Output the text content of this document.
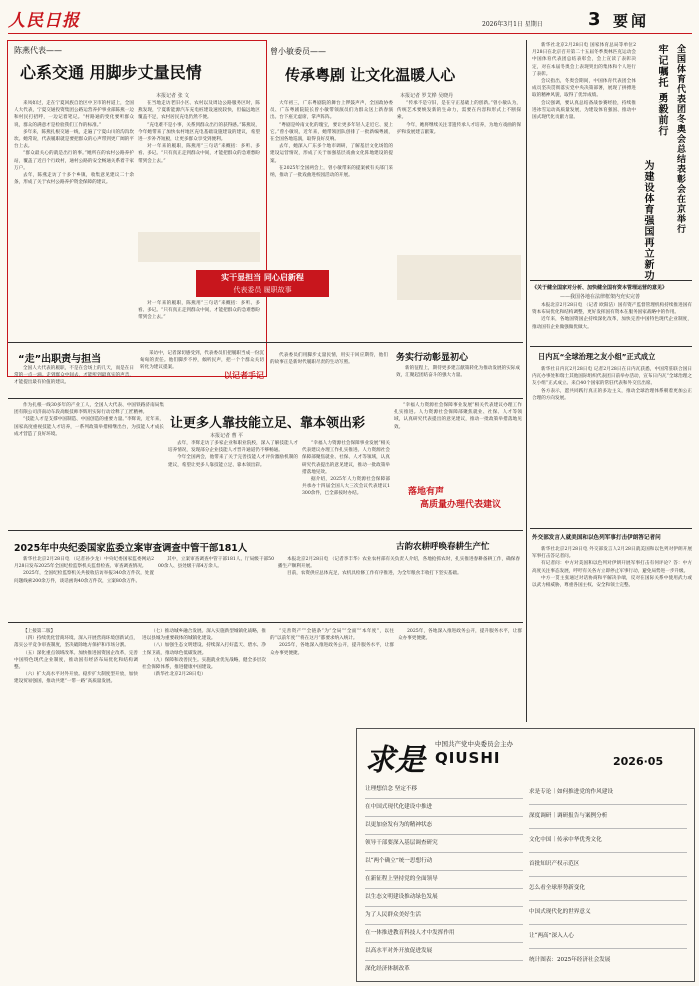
人民日报	2026年3月1日 星期日	3 要闻
陈燕代表——
心系交通 用脚步丈量民情
本报记者 张 文

来凤如过，走在宁夏回族自治区中卫市的村道上，全国人大代表，宁夏交通投资集团公路运营养护事业部陈燕一边和村民打招呼，一边记着笔记。“村路通的变化要听群众说，群众的满意才是检验我们工作的标准。”

多年来，陈燕扎根交通一线，走遍了宁夏山川的沟沟坎坎。她常说，代表履职就是要把群众的心声带到更广阔的平台上去。

“群众最关心的就是出行的事。”她所在的农村公路养护站，覆盖了近百个行政村，通村公路的安全畅通关系着千家万户。

去年，陈燕走访了十多个乡镇，收集意见建议二十余条，形成了关于农村公路养护资金保障的建议。

在当地走访老旧小区、农村以及周边公路服务区时，陈燕发现，宁夏新能源汽车充电桩建设速度较快，但偏远地区覆盖不足，农村居民充电仍然不便。

“充电难不是小事，关系到群众出行的获得感。”陈燕说，今年她带来了加快农村地区充电基础设施建设的建议，希望进一步补齐短板，让更多群众享受到便利。

对一年来的履职，陈燕用“三句话”来概括：多听、多看、多记。“只有真正走到群众中间，才能把群众的急难愁盼带到会上去。”

对一年来的履职，陈燕用“三句话”来概括：多听、多看、多记。“只有真正走到群众中间，才能把群众的急难愁盼带到会上去。”

实干显担当 同心启新程
代表委员 履职故事
曾小敏委员——
传承粤剧 让文化温暖人心
本报记者 罗艾桦 吴晓丹

大年初三，广东粤剧院的舞台上锣鼓声声，全国政协委员、广东粤剧院院长曾小敏带领演员们为群众送上新春演出。台下座无虚席，掌声阵阵。

“粤剧是岭南文化的瑰宝，要让更多年轻人走近它、爱上它。”曾小敏说，近年来，她带领团队创排了一批新编粤剧，在全国各地巡演，取得良好反响。

去年，她深入广东多个地市调研，了解基层文化场馆的建设运营情况，形成了关于加强基层戏曲文化阵地建设的提案。

在2025年全国两会上，曾小敏带来的提案被有关部门采纳，推动了一批戏曲进校园活动的开展。

“传承不是守旧，是在守正基础上的创新。”曾小敏认为，传统艺术要焕发新的生命力，需要在内容和形式上不断探索。

今年，她将继续关注非遗传承人才培养，为地方戏曲的保护和发展建言献策。

“走”出职责与担当

全国人大代表的履职，不是在会场上的几天，而是在日常的一点一滴。走到群众中间去，才能听到最真实的声音，才能提出最有价值的建议。

以记者手记

采访中，记者深切感受到，代表委员们把履职当成一份沉甸甸的责任。他们脚步不停，倾听民声，把一个个群众关切转化为建议提案。

代表委员们用脚步丈量民情，用实干回应期待，他们的故事正是新时代履职尽责的生动写照。	务实行动彰显初心

新的征程上，期待更多建言献策转化为推动发展的实际成效，汇聚起团结奋斗的强大力量。

让更多人靠技能立足、靠本领出彩
本报记者 曹 平

作为扎根一线30多年的产业工人，全国人大代表、中国铁路济南局集团有限公司济南动车段高级技师李辉用实际行动诠释了工匠精神。

“技能人才是支撑中国制造、中国创造的重要力量。”李辉说，近年来，国家高度重视技能人才培养，一系列政策举措相继出台，为技能人才成长成才营造了良好环境。

去年，李辉走访了多家企业和职业院校，深入了解技能人才培养情况，发现部分企业技能人才晋升通道仍不够畅通。

今年全国两会，他带来了关于完善技能人才评价激励机制的建议，希望让更多人靠技能立足、靠本领出彩。

“幸福人力资源社会保障事业发展”相关代表建议办理工作扎实推进。人力资源社会保障部聚焦就业、社保、人才等领域，认真研究代表提出的意见建议，推动一批政策举措落地见效。

据介绍，2025年人力资源社会保障部共承办十四届全国人大三次会议代表建议1300余件，已全部按时办结。

“幸福人力资源社会保障事业发展”相关代表建议办理工作扎实推进。人力资源社会保障部聚焦就业、社保、人才等领域，认真研究代表提出的意见建议，推动一批政策举措落地见效。

落地有声
高质量办理代表建议
2025年中央纪委国家监委立案审查调查中管干部181人

新华社北京2月28日电 （记者孙少龙）中央纪委国家监委网站2月28日发布2025年全国纪检监察机关监督检查、审查调查情况。

2025年，全国纪检监察机关共接收信访举报340余万件次，处置问题线索200余万件，谈话函询40余万件次，立案80余万件。

其中，立案审查调查中管干部181人、厅局级干部5000余人、县处级干部4万余人。

古韵农耕呼唤春耕生产忙

本报北京2月28日电 （记者李丰华）农业农村部有关负责人介绍，各地抢抓农时，扎实推进春耕备耕工作，确保春播生产顺利开展。

目前，农资供应总体充足，农机具检修工作有序推进，为全年粮食丰收打下坚实基础。

【上接第二版】

（四）持续优化营商环境。深入开展营商环境创新试点，落实公平竞争审查制度，坚决破除地方保护和市场分割。

（五）深化重点领域改革。加快推进国资国企改革，完善中国特色现代企业制度，推动国有经济布局优化和结构调整。

（六）扩大高水平对外开放。稳步扩大制度型开放，加快建设贸易强国，推动共建“一带一路”高质量发展。

（七）推动城乡融合发展。深入实施新型城镇化战略，推进以县城为重要载体的城镇化建设。

（八）加强生态文明建设。持续深入打好蓝天、碧水、净土保卫战，推动绿色低碳发展。

（九）保障和改善民生。实施就业优先战略，健全多层次社会保障体系，推进健康中国建设。

（新华社北京2月28日电）

“完善资产”“全链条”为“全局”“全面”“本年度”，以往的“以前年度”“将在这月”都要求纳入统计。

2025年，各地深入推进政务公开，提升服务水平，让群众办事更便捷。

2025年，各地深入推进政务公开，提升服务水平，让群众办事更便捷。

求是 中国共产党中央委员会主办
QIUSHI	2026·05
让理想信念 坚定不移
在中国式现代化建设中推进
以更加奋发有为的精神状态
领导干部要深入基层调查研究
以“两个确立”统一思想行动
在新征程上坚持党的全面领导
以生态文明建设推动绿色发展
为了人民群众美好生活
在一体推进教育科技人才中发挥作用
以高水平对外开放促进发展
深化经济体制改革
求是专论｜如何推进党的作风建设
深度调研｜调研报告与案例分析
文化中国｜传承中华优秀文化
首批知识产权示范区
怎么看全球形势新变化
中国式现代化的世界意义
让“两高”深入人心
统计图表：2025年经济社会发展

新华社北京2月28日电 国家体育总局等单位2月28日在北京召开第二十五届冬季奥林匹克运动会中国体育代表团总结表彰会，会上宣读了表彰决定，对在本届冬奥会上表现突出的集体和个人进行了表彰。

会议指出，冬奥会期间，中国体育代表团全体成员坚决贯彻落实党中央决策部署，展现了拼搏进取的精神风貌，取得了优异成绩。

会议强调，要认真总结备战参赛经验，持续推进冰雪运动高质量发展，为建设体育强国、推动中国式现代化贡献力量。

为建设体育强国再立新功
牢记嘱托 勇毅前行 全国体育代表团冬奥会总结表彰会在京举行
《关于健全国家对分析、加快健全国有资本管理运营的意见》
——我国各地在法律框架内充实完善

本报北京2月28日电 （记者 欧阳洁）国有资产监督管理机构持续推进国有资本布局优化和结构调整，更好发挥国有资本在服务国家战略中的作用。

近年来，各地国资国企持续深化改革，加快完善中国特色现代企业制度，推动国有企业做强做优做大。

日内瓦“全球治理之友小组”正式成立

新华社日内瓦2月28日电 记者2月28日在日内瓦获悉，中国常驻联合国日内瓦办事处和瑞士其他国际组织代表团日前举办活动，宣布日内瓦“全球治理之友小组”正式成立。来自40个国家的常驻代表和外交官出席。

各方表示，愿共同践行真正的多边主义，推动全球治理体系朝着更加公正合理的方向发展。

外交部发言人就美国和以色列军事打击伊朗答记者问

新华社北京2月28日电 外交部发言人2月28日就美国和以色列对伊朗开展军事打击答记者问。

有记者问：中方对美国和以色列对伊朗开展军事打击有何评论？答：中方高度关注事态发展，呼吁有关各方立即停止军事行动，避免局势进一步升级。

中方一贯主张通过对话协商和平解决争端，反对在国际关系中使用武力或以武力相威胁，尊重各国主权、安全和领土完整。
